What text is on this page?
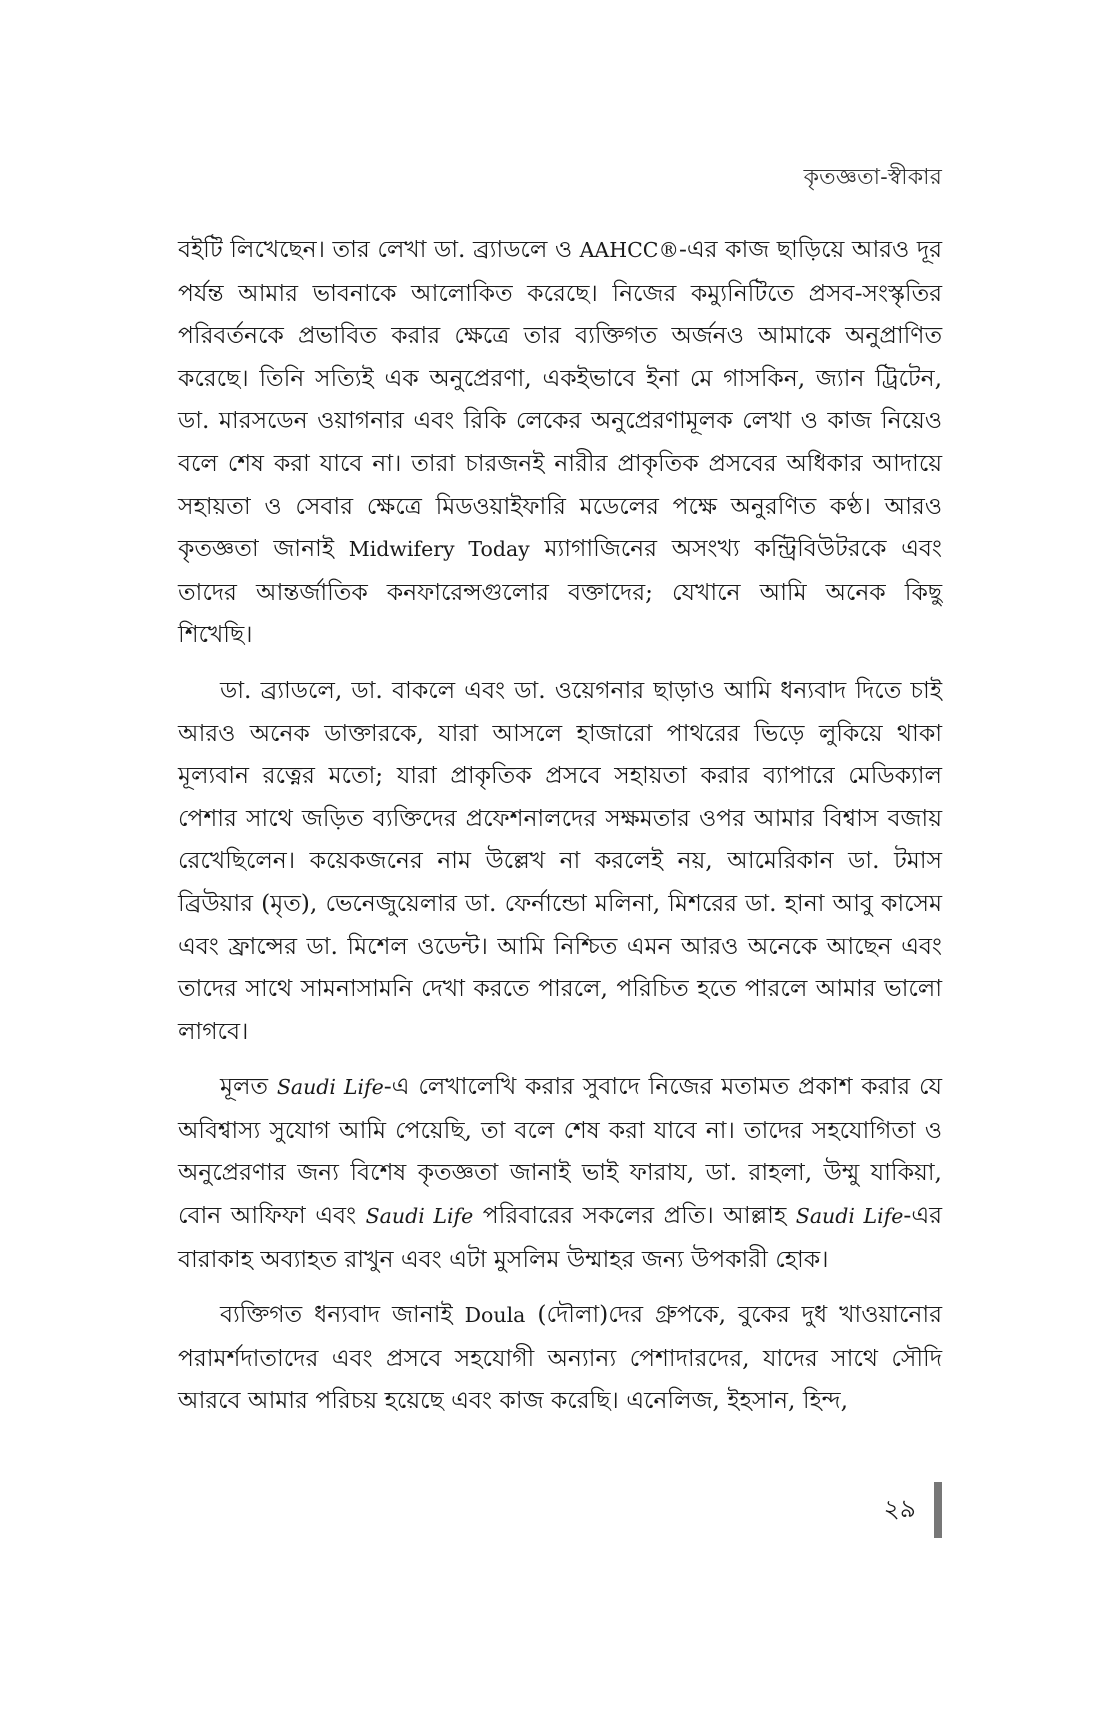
কৃতজ্ঞতা-স্বীকার

বইটি লিখেছেন। তার লেখা ডা. ব্র্যাডলে ও AAHCC®-এর কাজ ছাড়িয়ে আরও দূর পর্যন্ত আমার ভাবনাকে আলোকিত করেছে। নিজের কম্যুনিটিতে প্রসব-সংস্কৃতির পরিবর্তনকে প্রভাবিত করার ক্ষেত্রে তার ব্যক্তিগত অর্জনও আমাকে অনুপ্রাণিত করেছে। তিনি সত্যিই এক অনুপ্রেরণা, একইভাবে ইনা মে গাসকিন, জ্যান ট্রিটেন, ডা. মারসডেন ওয়াগনার এবং রিকি লেকের অনুপ্রেরণামূলক লেখা ও কাজ নিয়েও বলে শেষ করা যাবে না। তারা চারজনই নারীর প্রাকৃতিক প্রসবের অধিকার আদায়ে সহায়তা ও সেবার ক্ষেত্রে মিডওয়াইফারি মডেলের পক্ষে অনুরণিত কণ্ঠ। আরও কৃতজ্ঞতা জানাই Midwifery Today ম্যাগাজিনের অসংখ্য কন্ট্রিবিউটরকে এবং তাদের আন্তর্জাতিক কনফারেন্সগুলোর বক্তাদের; যেখানে আমি অনেক কিছু শিখেছি।

ডা. ব্র্যাডলে, ডা. বাকলে এবং ডা. ওয়েগনার ছাড়াও আমি ধন্যবাদ দিতে চাই আরও অনেক ডাক্তারকে, যারা আসলে হাজারো পাথরের ভিড়ে লুকিয়ে থাকা মূল্যবান রত্নের মতো; যারা প্রাকৃতিক প্রসবে সহায়তা করার ব্যাপারে মেডিক্যাল পেশার সাথে জড়িত ব্যক্তিদের প্রফেশনালদের সক্ষমতার ওপর আমার বিশ্বাস বজায় রেখেছিলেন। কয়েকজনের নাম উল্লেখ না করলেই নয়, আমেরিকান ডা. টমাস ব্রিউয়ার (মৃত), ভেনেজুয়েলার ডা. ফের্নান্ডো মলিনা, মিশরের ডা. হানা আবু কাসেম এবং ফ্রান্সের ডা. মিশেল ওডেন্ট। আমি নিশ্চিত এমন আরও অনেকে আছেন এবং তাদের সাথে সামনাসামনি দেখা করতে পারলে, পরিচিত হতে পারলে আমার ভালো লাগবে।

মূলত Saudi Life-এ লেখালেখি করার সুবাদে নিজের মতামত প্রকাশ করার যে অবিশ্বাস্য সুযোগ আমি পেয়েছি, তা বলে শেষ করা যাবে না। তাদের সহযোগিতা ও অনুপ্রেরণার জন্য বিশেষ কৃতজ্ঞতা জানাই ভাই ফারায, ডা. রাহলা, উম্মু যাকিয়া, বোন আফিফা এবং Saudi Life পরিবারের সকলের প্রতি। আল্লাহ Saudi Life-এর বারাকাহ অব্যাহত রাখুন এবং এটা মুসলিম উম্মাহর জন্য উপকারী হোক।

ব্যক্তিগত ধন্যবাদ জানাই Doula (দৌলা)দের গ্রুপকে, বুকের দুধ খাওয়ানোর পরামর্শদাতাদের এবং প্রসবে সহযোগী অন্যান্য পেশাদারদের, যাদের সাথে সৌদি আরবে আমার পরিচয় হয়েছে এবং কাজ করেছি। এনেলিজ, ইহসান, হিন্দ,

২৯
